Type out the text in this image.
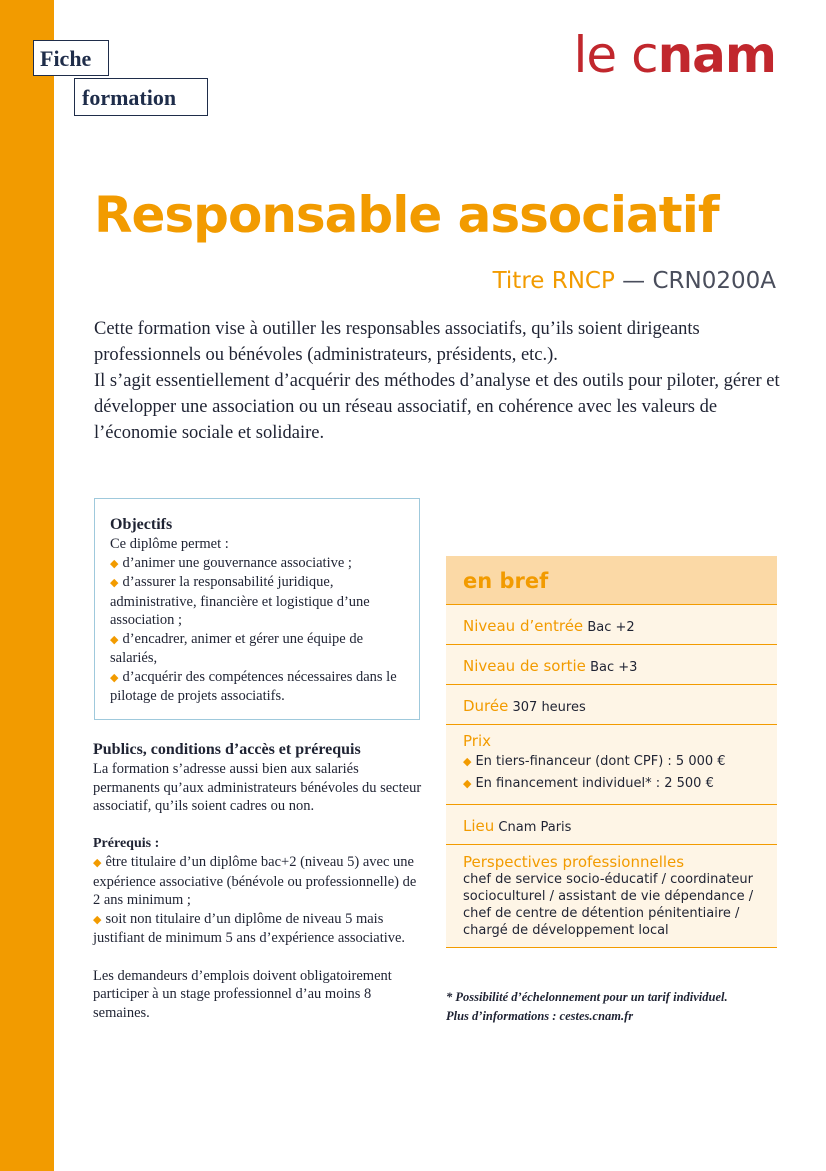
Fiche
formation
le cnam
Responsable associatif
Titre RNCP — CRN0200A

Cette formation vise à outiller les responsables associatifs, qu’ils soient dirigeants professionnels ou bénévoles (administrateurs, présidents, etc.).

Il s’agit essentiellement d’acquérir des méthodes d’analyse et des outils pour piloter, gérer et développer une association ou un réseau associatif, en cohérence avec les valeurs de l’économie sociale et solidaire.

Objectifs
Ce diplôme permet :
◆ d’animer une gouvernance associative ;
◆ d’assurer la responsabilité juridique, administrative, financière et logistique d’une association ;
◆ d’encadrer, animer et gérer une équipe de salariés,
◆ d’acquérir des compétences nécessaires dans le pilotage de projets associatifs.
Publics, conditions d’accès et prérequis

La formation s’adresse aussi bien aux salariés permanents qu’aux administrateurs bénévoles du secteur associatif, qu’ils soient cadres ou non.

Prérequis :

◆ être titulaire d’un diplôme bac+2 (niveau 5) avec une expérience associative (bénévole ou professionnelle) de 2 ans minimum ;

◆ soit non titulaire d’un diplôme de niveau 5 mais justifiant de minimum 5 ans d’expérience associative.

Les demandeurs d’emplois doivent obligatoirement participer à un stage professionnel d’au moins 8 semaines.

en bref
Niveau d’entrée Bac +2
Niveau de sortie Bac +3
Durée 307 heures
Prix
◆ En tiers-financeur (dont CPF) : 5 000 €
◆ En financement individuel* : 2 500 €
Lieu Cnam Paris
Perspectives professionnelles
chef de service socio-éducatif / coordinateur socioculturel / assistant de vie dépendance / chef de centre de détention pénitentiaire / chargé de développement local

* Possibilité d’échelonnement pour un tarif individuel.

Plus d’informations : cestes.cnam.fr
